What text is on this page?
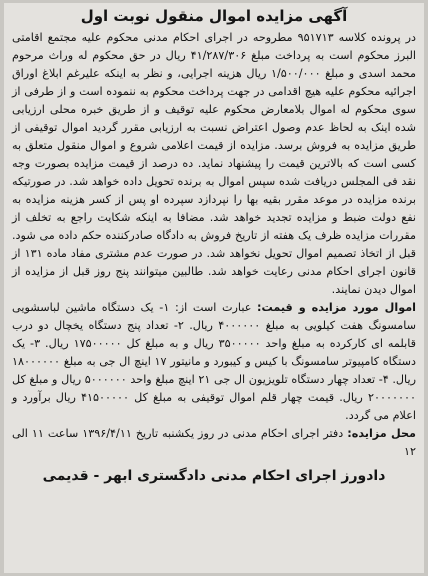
آگهی مزایده اموال منقول نوبت اول

در پرونده کلاسه ۹۵۱۷۱۳ مطروحه در اجرای احکام مدنی محکوم علیه مجتمع اقامتی البرز محکوم است به پرداخت مبلغ ۴۱/۲۸۷/۳۰۶ ریال در حق محکوم له وراث مرحوم محمد اسدی و مبلغ ۱/۵۰۰/۰۰۰ ریال هزینه اجرایی، و نظر به اینکه علیرغم ابلاغ اوراق اجرائیه محکوم علیه هیچ اقدامی در جهت پرداخت محکوم به ننموده است و از طرفی از سوی محکوم له اموال بلامعارض محکوم علیه توقیف و از طریق خبره محلی ارزیابی شده اینک به لحاظ عدم وصول اعتراض نسبت به ارزیابی مقرر گردید اموال توقیفی از طریق مزایده به فروش برسد. مزایده از قیمت اعلامی شروع و اموال منقول متعلق به کسی است که بالاترین قیمت را پیشنهاد نماید. ده درصد از قیمت مزایده بصورت وجه نقد فی المجلس دریافت شده سپس اموال به برنده تحویل داده خواهد شد. در صورتیکه برنده مزایده در موعد مقرر بقیه بها را نپردازد سپرده او پس از کسر هزینه مزایده به نفع دولت ضبط و مزایده تجدید خواهد شد. مضافا به اینکه شکایت راجع به تخلف از مقررات مزایده ظرف یک هفته از تاریخ فروش به دادگاه صادرکننده حکم داده می شود. قبل از اتخاذ تصمیم اموال تحویل نخواهد شد. در صورت عدم مشتری مفاد ماده ۱۳۱ از قانون اجرای احکام مدنی رعایت خواهد شد. طالبین میتوانند پنج روز قبل از مزایده از اموال دیدن نمایند.

اموال مورد مزایده و قیمت: عبارت است از: ۱- یک دستگاه ماشین لباسشویی سامسونگ هفت کیلویی به مبلغ ۴۰۰۰۰۰۰ ریال. ۲- تعداد پنج دستگاه یخچال دو درب قابلمه ای کارکرده به مبلغ واحد ۳۵۰۰۰۰۰ ریال و به مبلغ کل ۱۷۵۰۰۰۰۰ ریال. ۳- یک دستگاه کامپیوتر سامسونگ با کیس و کیبورد و مانیتور ۱۷ اینچ ال جی به مبلغ ۱۸۰۰۰۰۰۰ ریال. ۴- تعداد چهار دستگاه تلویزیون ال جی ۲۱ اینچ مبلغ واحد ۵۰۰۰۰۰۰ ریال و مبلغ کل ۲۰۰۰۰۰۰۰ ریال. قیمت چهار قلم اموال توقیفی به مبلغ کل ۴۱۵۰۰۰۰۰ ریال برآورد و اعلام می گردد.

محل مزایده: دفتر اجرای احکام مدنی در روز یکشنبه تاریخ ۱۳۹۶/۴/۱۱ ساعت ۱۱ الی ۱۲

دادورز اجرای احکام مدنی دادگستری ابهر - قدیمی
